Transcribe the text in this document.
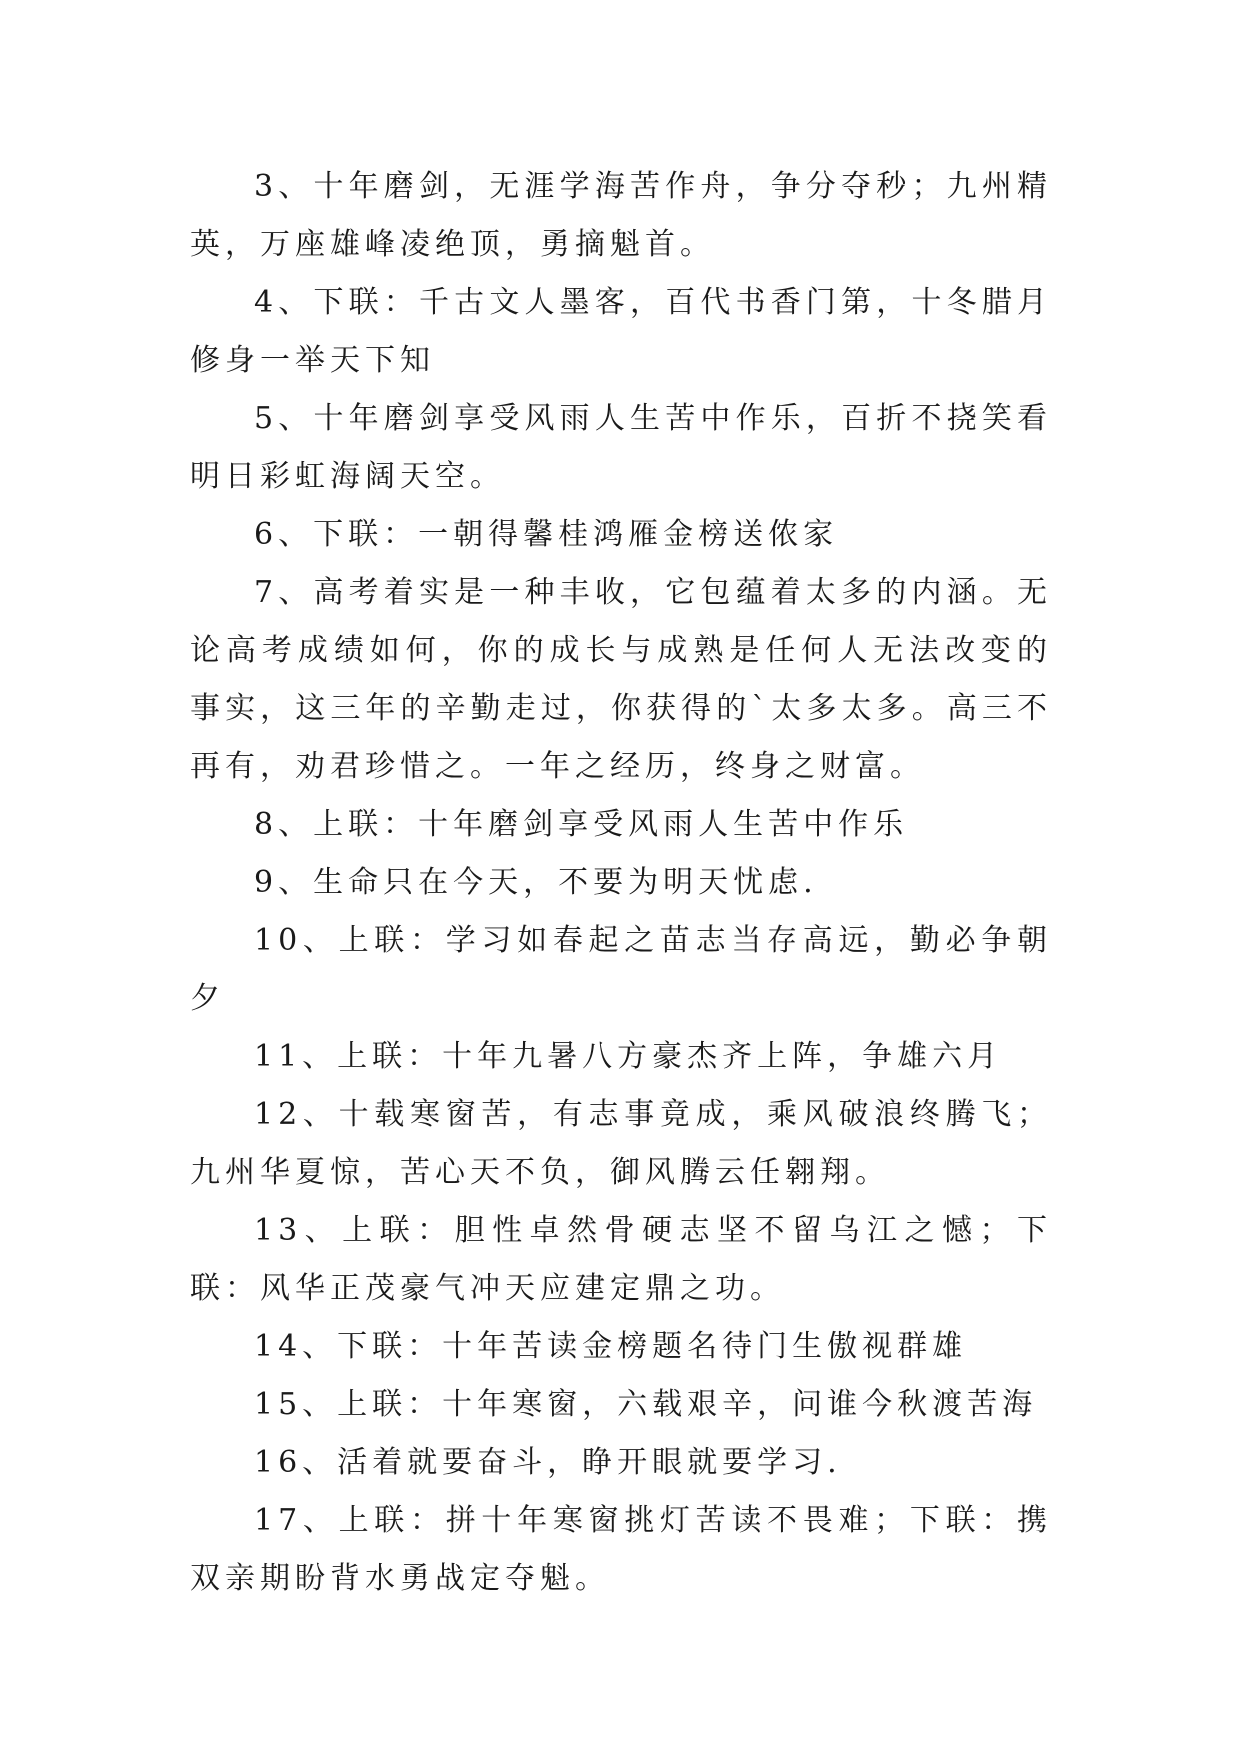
3、十年磨剑，无涯学海苦作舟，争分夺秒；九州精英，万座雄峰凌绝顶，勇摘魁首。

4、下联：千古文人墨客，百代书香门第，十冬腊月修身一举天下知

5、十年磨剑享受风雨人生苦中作乐，百折不挠笑看明日彩虹海阔天空。

6、下联：一朝得馨桂鸿雁金榜送侬家

7、高考着实是一种丰收，它包蕴着太多的内涵。无论高考成绩如何，你的成长与成熟是任何人无法改变的事实，这三年的辛勤走过，你获得的`太多太多。高三不再有，劝君珍惜之。一年之经历，终身之财富。

8、上联：十年磨剑享受风雨人生苦中作乐

9、生命只在今天，不要为明天忧虑.

10、上联：学习如春起之苗志当存高远，勤必争朝夕

11、上联：十年九暑八方豪杰齐上阵，争雄六月

12、十载寒窗苦，有志事竟成，乘风破浪终腾飞；九州华夏惊，苦心天不负，御风腾云任翱翔。

13、上联：胆性卓然骨硬志坚不留乌江之憾；下联：风华正茂豪气冲天应建定鼎之功。

14、下联：十年苦读金榜题名待门生傲视群雄

15、上联：十年寒窗，六载艰辛，问谁今秋渡苦海

16、活着就要奋斗，睁开眼就要学习.

17、上联：拼十年寒窗挑灯苦读不畏难；下联：携双亲期盼背水勇战定夺魁。
